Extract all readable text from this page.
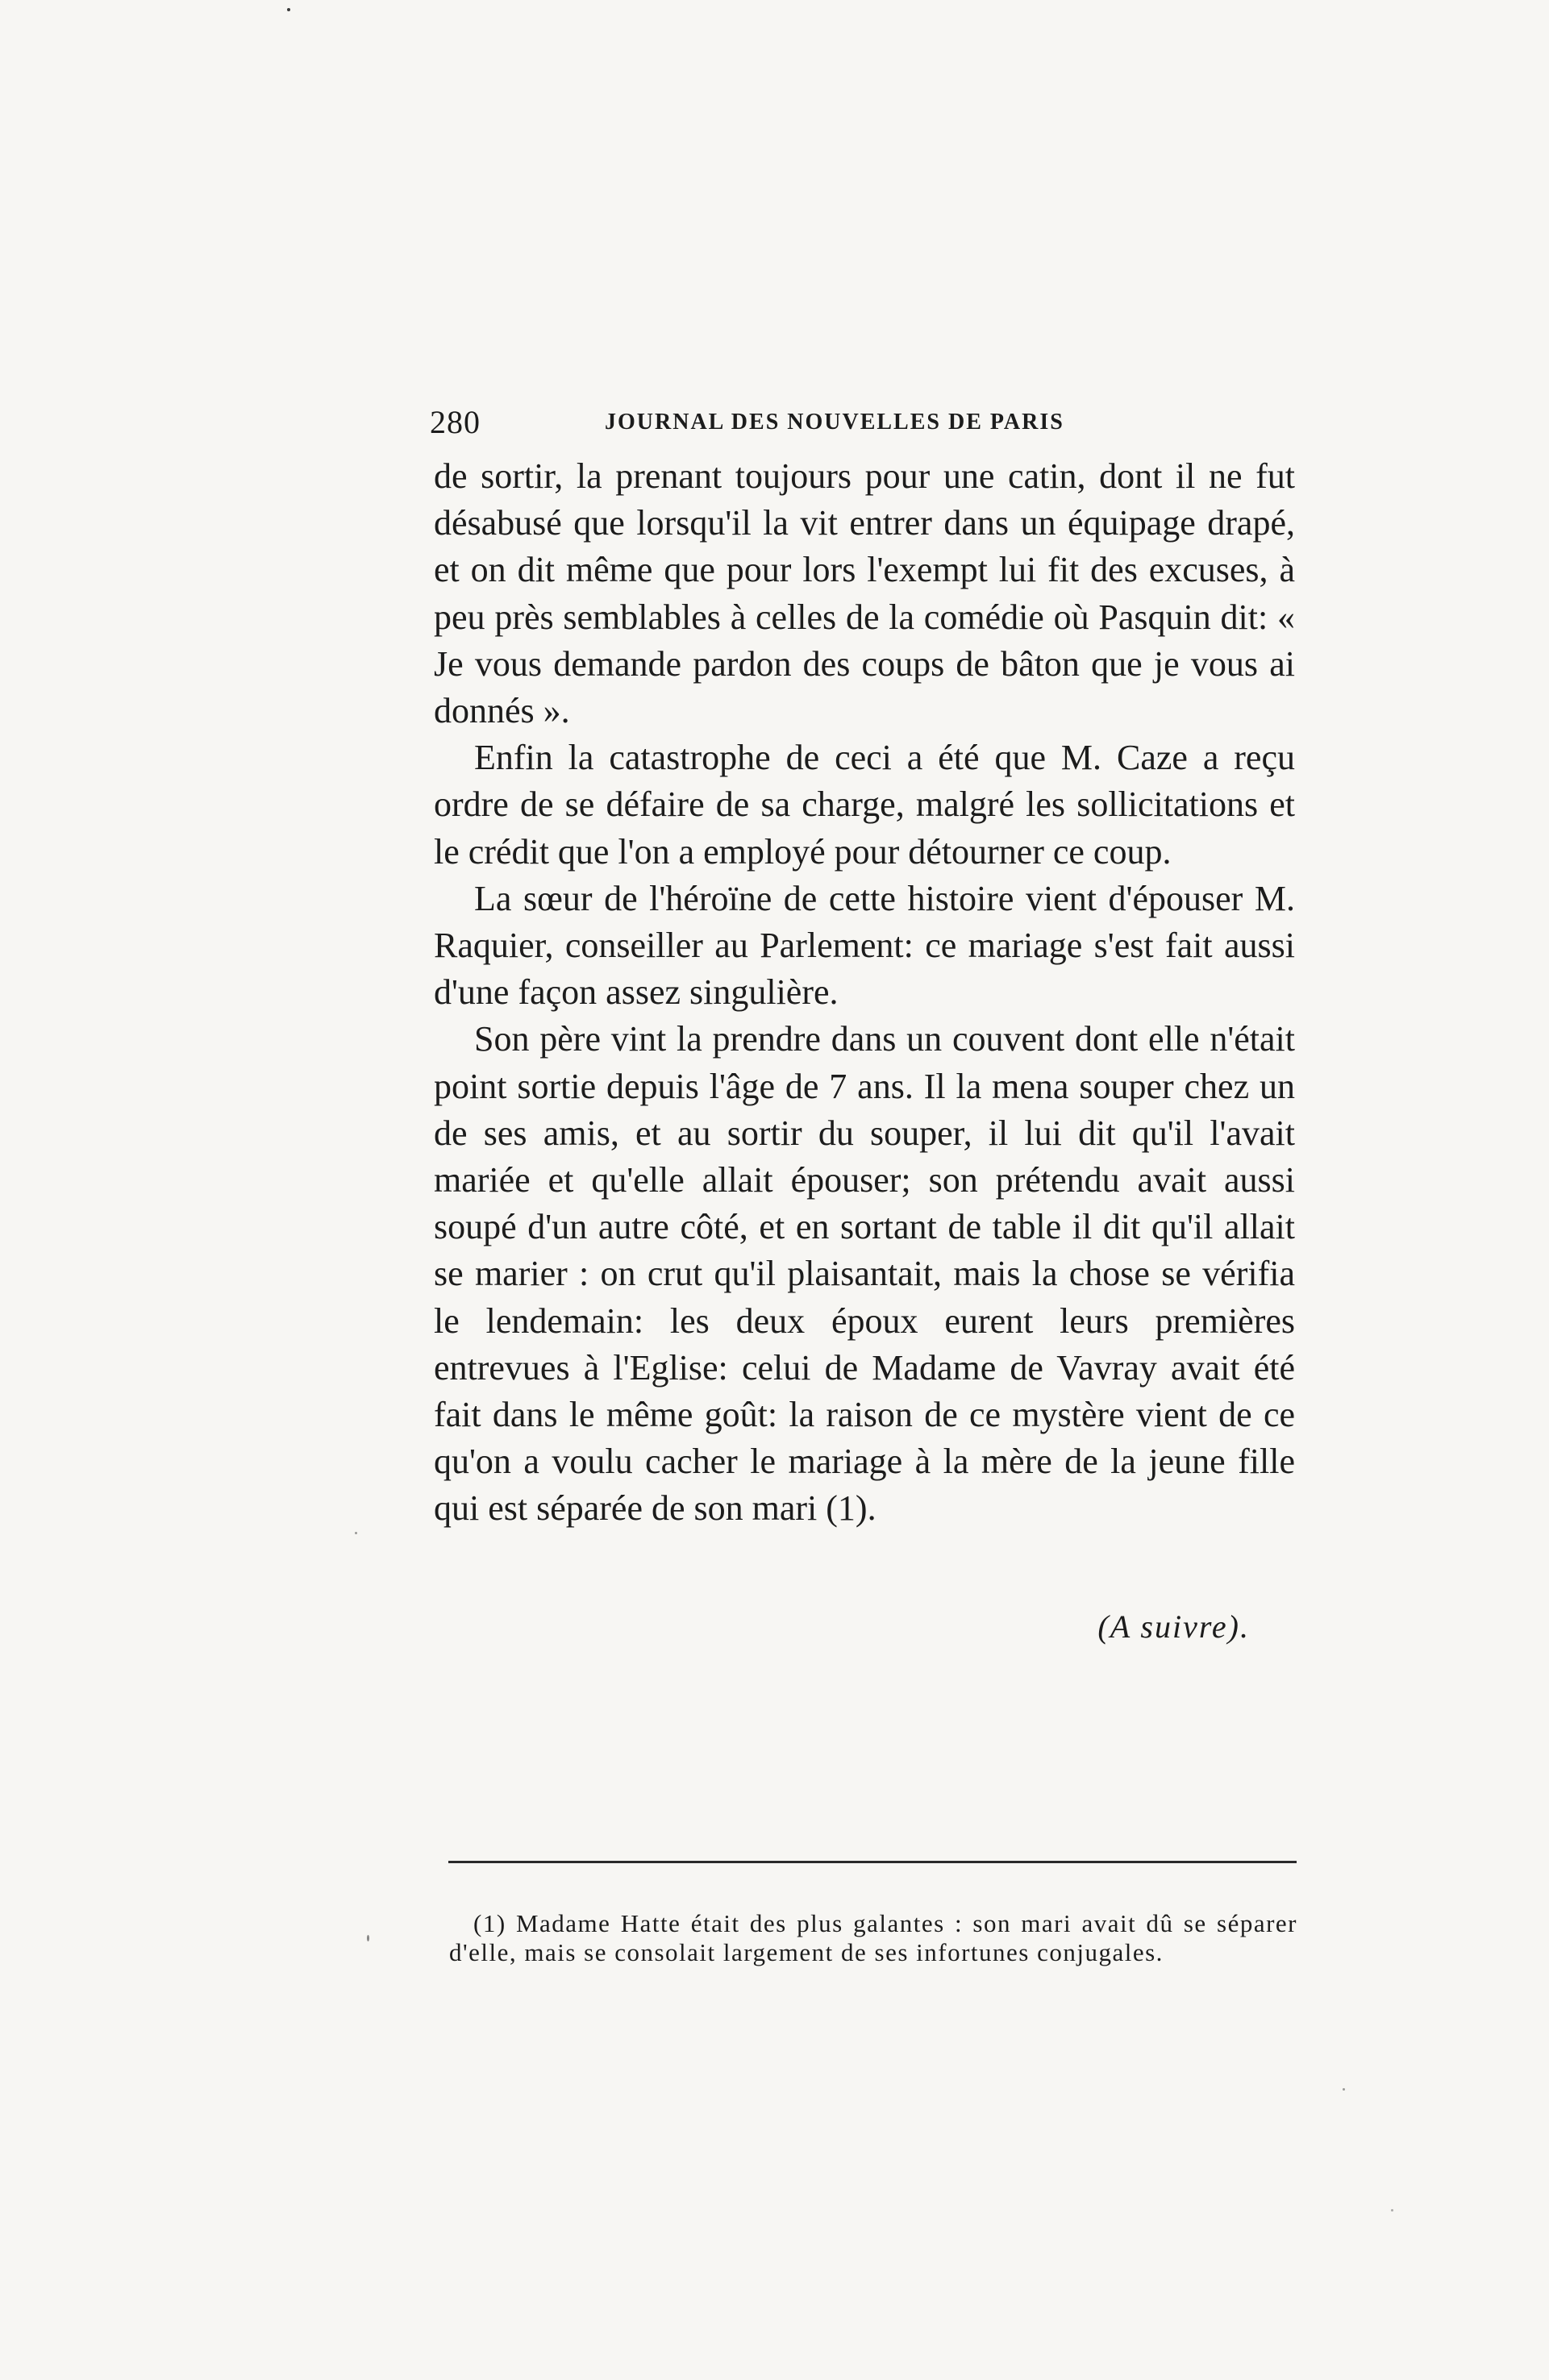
280	JOURNAL DES NOUVELLES DE PARIS

de sortir, la prenant toujours pour une catin, dont il ne fut désabusé que lorsqu'il la vit entrer dans un équipage drapé, et on dit même que pour lors l'exempt lui fit des excuses, à peu près semblables à celles de la comédie où Pasquin dit: « Je vous demande pardon des coups de bâton que je vous ai donnés ».

Enfin la catastrophe de ceci a été que M. Caze a reçu ordre de se défaire de sa charge, malgré les sollicitations et le crédit que l'on a employé pour détourner ce coup.

La sœur de l'héroïne de cette histoire vient d'épouser M. Raquier, conseiller au Parlement: ce mariage s'est fait aussi d'une façon assez singulière.

Son père vint la prendre dans un couvent dont elle n'était point sortie depuis l'âge de 7 ans. Il la mena souper chez un de ses amis, et au sortir du souper, il lui dit qu'il l'avait mariée et qu'elle allait épouser; son prétendu avait aussi soupé d'un autre côté, et en sortant de table il dit qu'il allait se marier : on crut qu'il plaisantait, mais la chose se vérifia le lendemain: les deux époux eurent leurs premières entrevues à l'Eglise: celui de Madame de Vavray avait été fait dans le même goût: la raison de ce mystère vient de ce qu'on a voulu cacher le mariage à la mère de la jeune fille qui est séparée de son mari (1).

(A suivre).

(1) Madame Hatte était des plus galantes : son mari avait dû se séparer d'elle, mais se consolait largement de ses infortunes conjugales.
